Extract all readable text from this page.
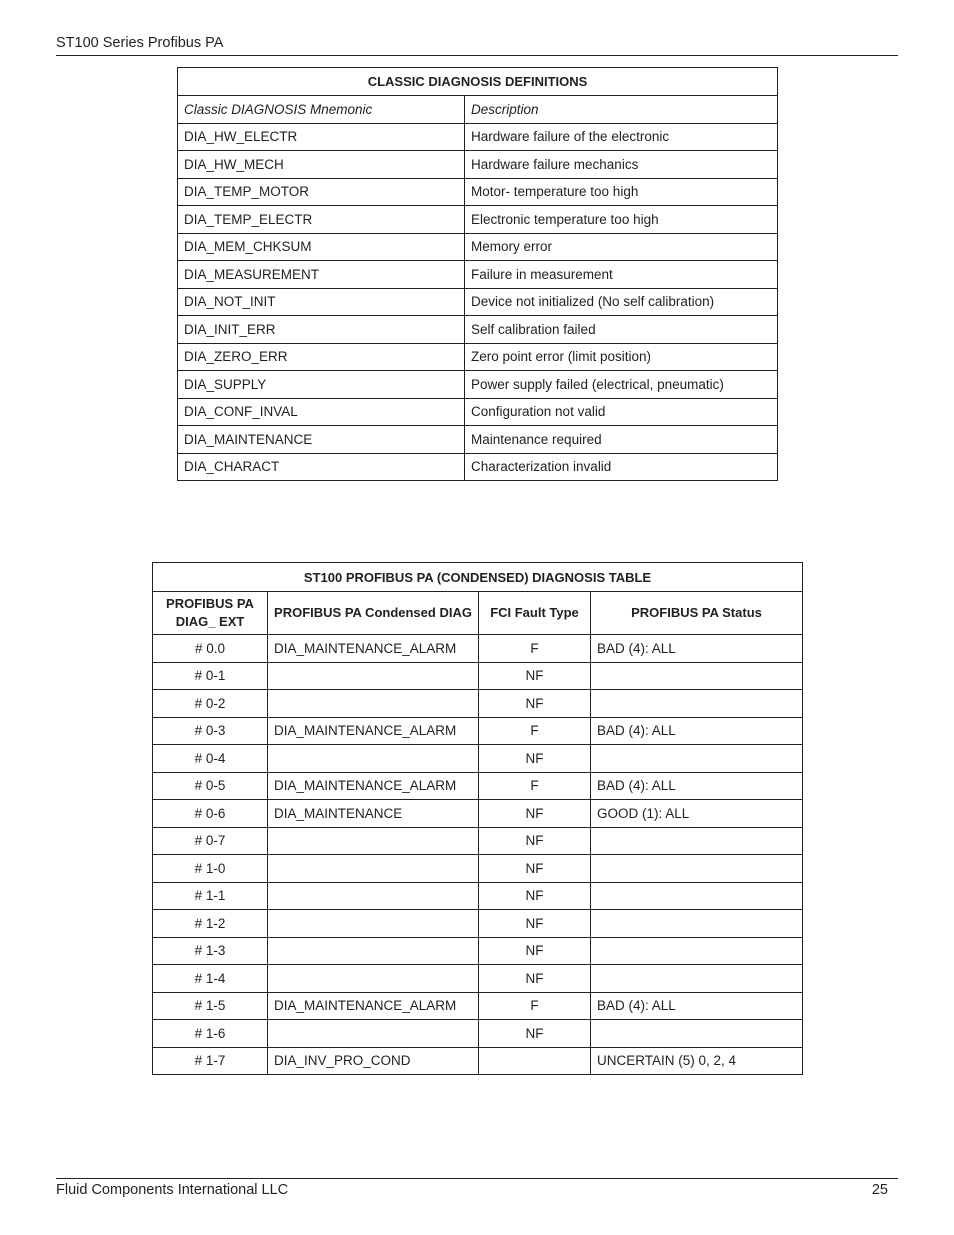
ST100 Series Profibus PA
CLASSIC DIAGNOSIS DEFINITIONS	
Classic DIAGNOSIS Mnemonic	Description
DIA_HW_ELECTR	Hardware failure of the electronic
DIA_HW_MECH	Hardware failure mechanics
DIA_TEMP_MOTOR	Motor- temperature too high
DIA_TEMP_ELECTR	Electronic temperature too high
DIA_MEM_CHKSUM	Memory error
DIA_MEASUREMENT	Failure in measurement
DIA_NOT_INIT	Device not initialized (No self calibration)
DIA_INIT_ERR	Self calibration failed
DIA_ZERO_ERR	Zero point error (limit position)
DIA_SUPPLY	Power supply failed (electrical, pneumatic)
DIA_CONF_INVAL	Configuration not valid
DIA_MAINTENANCE	Maintenance required
DIA_CHARACT	Characterization invalid
ST100 PROFIBUS PA (CONDENSED) DIAGNOSIS TABLE			
PROFIBUS PA DIAG_ EXT	PROFIBUS PA Condensed DIAG	FCI Fault Type	PROFIBUS PA Status
# 0.0	DIA_MAINTENANCE_ALARM	F	BAD (4): ALL
# 0-1		NF	
# 0-2		NF	
# 0-3	DIA_MAINTENANCE_ALARM	F	BAD (4): ALL
# 0-4		NF	
# 0-5	DIA_MAINTENANCE_ALARM	F	BAD (4): ALL
# 0-6	DIA_MAINTENANCE	NF	GOOD (1): ALL
# 0-7		NF	
# 1-0		NF	
# 1-1		NF	
# 1-2		NF	
# 1-3		NF	
# 1-4		NF	
# 1-5	DIA_MAINTENANCE_ALARM	F	BAD (4): ALL
# 1-6		NF	
# 1-7	DIA_INV_PRO_COND		UNCERTAIN (5) 0, 2, 4
Fluid Components International LLC	25
